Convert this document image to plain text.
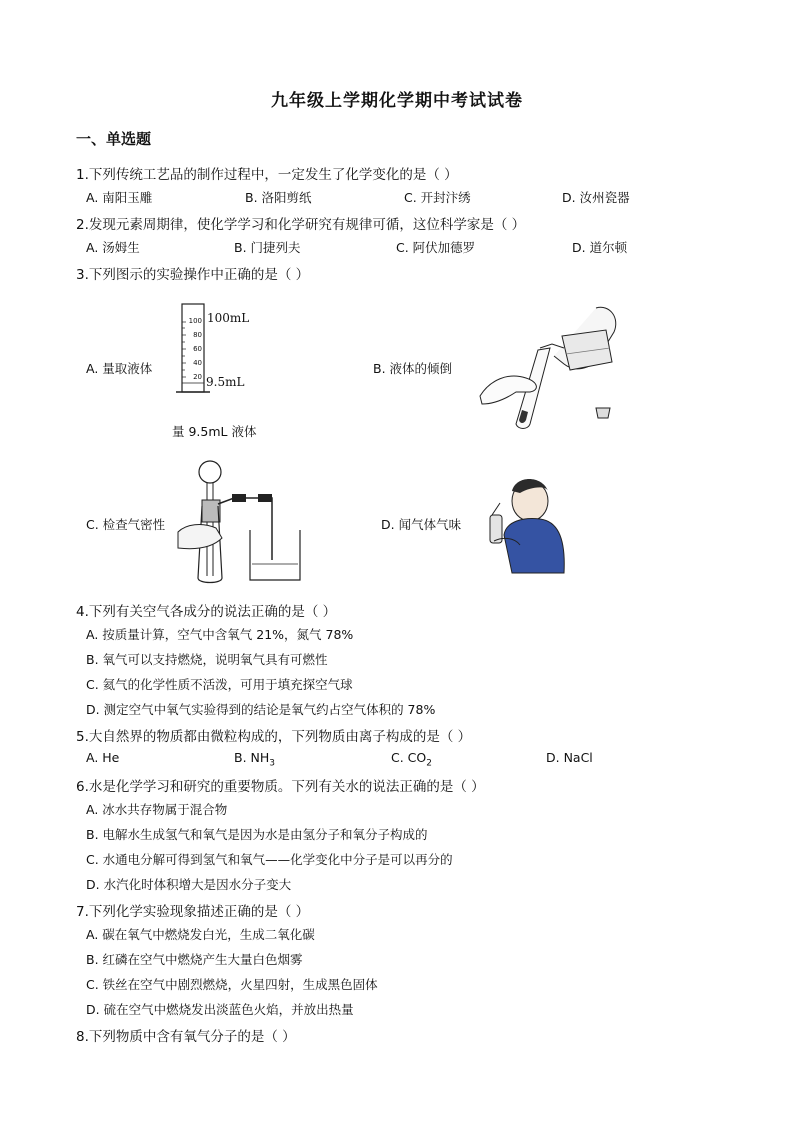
九年级上学期化学期中考试试卷
一、单选题
1.下列传统工艺品的制作过程中，一定发生了化学变化的是（ ）
A. 南阳玉雕	B. 洛阳剪纸	C. 开封汴绣	D. 汝州瓷器
2.发现元素周期律，使化学学习和化学研究有规律可循，这位科学家是（ ）
A. 汤姆生	B. 门捷列夫	C. 阿伏加德罗	D. 道尔顿
3.下列图示的实验操作中正确的是（ ）
A. 量取液体	B. 液体的倾倒
C. 检查气密性	D. 闻气体气味
100
80
60
40
20
100mL
9.5mL
量 9.5mL 液体
4.下列有关空气各成分的说法正确的是（ ）
A. 按质量计算，空气中含氧气 21%，氮气 78%
B. 氧气可以支持燃烧，说明氧气具有可燃性
C. 氦气的化学性质不活泼，可用于填充探空气球
D. 测定空气中氧气实验得到的结论是氧气约占空气体积的 78%
5.大自然界的物质都由微粒构成的，下列物质由离子构成的是（ ）
A. He	B. $NH_3$	C. $CO_2$	D. NaCl
6.水是化学学习和研究的重要物质。下列有关水的说法正确的是（ ）
A. 冰水共存物属于混合物
B. 电解水生成氢气和氧气是因为水是由氢分子和氧分子构成的
C. 水通电分解可得到氢气和氧气——化学变化中分子是可以再分的
D. 水汽化时体积增大是因水分子变大
7.下列化学实验现象描述正确的是（ ）
A. 碳在氧气中燃烧发白光，生成二氧化碳
B. 红磷在空气中燃烧产生大量白色烟雾
C. 铁丝在空气中剧烈燃烧，火星四射，生成黑色固体
D. 硫在空气中燃烧发出淡蓝色火焰，并放出热量
8.下列物质中含有氧气分子的是（ ）
